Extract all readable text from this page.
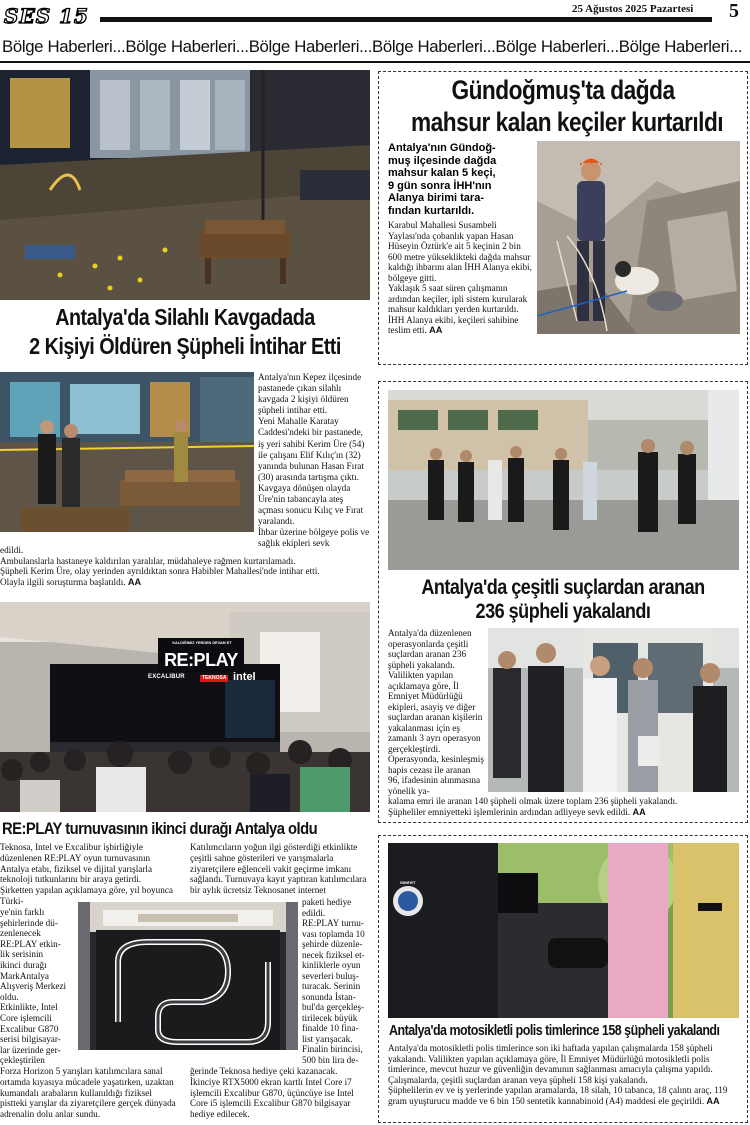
SES 15	25 Ağustos 2025 Pazartesi	5
Bölge Haberleri...Bölge Haberleri...Bölge Haberleri...Bölge Haberleri...Bölge Haberleri...Bölge Haberleri...
Antalya'da Silahlı Kavgadada
2 Kişiyi Öldüren Şüpheli İntihar Etti

Antalya'nın Kepez ilçesinde pastanede çıkan silahlı kavgada 2 kişiyi öldüren şüpheli intihar etti.

Yeni Mahalle Karatay Caddesi'ndeki bir pastanede, iş yeri sahibi Kerim Üre (54) ile çalışanı Elif Kılıç'ın (32) yanında bulunan Hasan Fırat (30) arasında tartışma çıktı.

Kavgaya dönüşen olayda Üre'nin tabancayla ateş açması sonucu Kılıç ve Fırat yaralandı.

İhbar üzerine bölgeye polis ve sağlık ekipleri sevk

edildi.

Ambulanslarla hastaneye kaldırılan yaralılar, müdahaleye rağmen kurtarılamadı.

Şüpheli Kerim Üre, olay yerinden ayrıldıktan sonra Habibler Mahallesi'nde intihar etti.

Olayla ilgili soruşturma başlatıldı. AA

Gündoğmuş'ta dağda
mahsur kalan keçiler kurtarıldı
Antalya'nın Gündoğ-
muş ilçesinde dağda
mahsur kalan 5 keçi,
9 gün sonra İHH'nın
Alanya birimi tara-
fından kurtarıldı.

Karabul Mahallesi Susambeli Yaylası'nda çobanlık yapan Hasan Hüseyin Öztürk'e ait 5 keçinin 2 bin 600 metre yükseklikteki dağda mahsur kaldığı ihbarını alan İHH Alanya ekibi, bölgeye gitti.

Yaklaşık 5 saat süren çalışmanın ardından keçiler, ipli sistem kurularak mahsur kaldıkları yerden kurtarıldı.

İHH Alanya ekibi, keçileri sahibine teslim etti. AA

Antalya'da çeşitli suçlardan aranan
236 şüpheli yakalandı

Antalya'da düzenlenen operasyonlarda çeşitli suçlardan aranan 236 şüpheli yakalandı.

Valilikten yapılan açıklamaya göre, İl Emniyet Müdürlüğü ekipleri, asayiş ve diğer suçlardan aranan kişilerin yakalanması için eş zamanlı 3 ayrı operasyon gerçekleştirdi.

Operasyonda, kesinleşmiş hapis cezası ile aranan 96, ifadesinin alınmasına yönelik ya-

kalama emri ile aranan 140 şüpheli olmak üzere toplam 236 şüpheli yakalandı.

Şüpheliler emniyetteki işlemlerinin ardından adliyeye sevk edildi. AA

KALDIĞIMIZ YERDEN DEVAM ET
RE:PLAY
EXCALIBUR	TEKNOSA intel
RE:PLAY turnuvasının ikinci durağı Antalya oldu
Teknosa, Intel ve Excalibur işbirliğiyle düzenlenen RE:PLAY oyun turnuvasının Antalya etabı, fiziksel ve dijital yarışlarla teknoloji tutkunlarını bir araya getirdi.
Şirketten yapılan açıklamaya göre, yıl boyunca Türki-
ye'nin farklı
şehirlerinde dü-
zenlenecek
RE:PLAY etkin-
lik serisinin
ikinci durağı
MarkAntalya
Alışveriş Merkezi
oldu.
Etkinlikte, Intel
Core işlemcili
Excalibur G870
serisi bilgisayar-
lar üzerinde ger-
çekleştirilen
Forza Horizon 5 yarışları katılımcılara sanal ortamda kıyasıya mücadele yaşatırken, uzaktan kumandalı arabaların kullanıldığı fiziksel pistteki yarışlar da ziyaretçilere gerçek dünyada adrenalin dolu anlar sundu.
Katılımcıların yoğun ilgi gösterdiği etkinlikte çeşitli sahne gösterileri ve yarışmalarla ziyaretçilere eğlenceli vakit geçirme imkanı sağlandı. Turnuvaya kayıt yaptıran katılımcılara bir aylık ücretsiz Teknosanet internet
paketi hediye
edildi.
RE:PLAY turnu-
vası toplamda 10
şehirde düzenle-
necek fiziksel et-
kinliklerle oyun
severleri buluş-
turacak. Serinin
sonunda İstan-
bul'da gerçekleş-
tirilecek büyük
finalde 10 fina-
list yarışacak.
Finalin birincisi,
500 bin lira de-
ğerinde Teknosa hediye çeki kazanacak. İkinciye RTX5000 ekran kartlı Intel Core i7 işlemcili Excalibur G870, üçüncüye ise Intel Core i5 işlemcili Excalibur G870 bilgisayar hediye edilecek.
EMNİYET
Antalya'da motosikletli polis timlerince 158 şüpheli yakalandı

Antalya'da motosikletli polis timlerince son iki haftada yapılan çalışmalarda 158 şüpheli yakalandı. Valilikten yapılan açıklamaya göre, İl Emniyet Müdürlüğü motosikletli polis timlerince, mevcut huzur ve güvenliğin devamının sağlanması amacıyla çalışma yapıldı.

Çalışmalarda, çeşitli suçlardan aranan veya şüpheli 158 kişi yakalandı.

Şüphelilerin ev ve iş yerlerinde yapılan aramalarda, 18 silah, 10 tabanca, 18 çalıntı araç, 119 gram uyuşturucu madde ve 6 bin 150 sentetik kannabinoid (A4) maddesi ele geçirildi. AA
